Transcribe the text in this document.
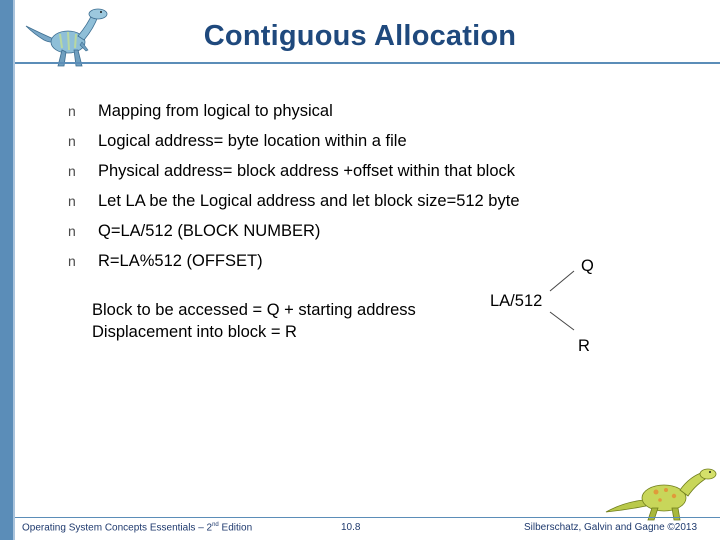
Contiguous Allocation
n	Mapping from logical to physical
n	Logical address= byte location within a file
n	Physical address= block address +offset within that block
n	Let LA be the Logical address and let block size=512 byte
n	Q=LA/512 (BLOCK NUMBER)
n	R=LA%512 (OFFSET)
Block to be accessed = Q + starting address
Displacement into block = R
Q
LA/512
R
Operating System Concepts Essentials – 2nd Edition	10.8	Silberschatz, Galvin and Gagne ©2013
